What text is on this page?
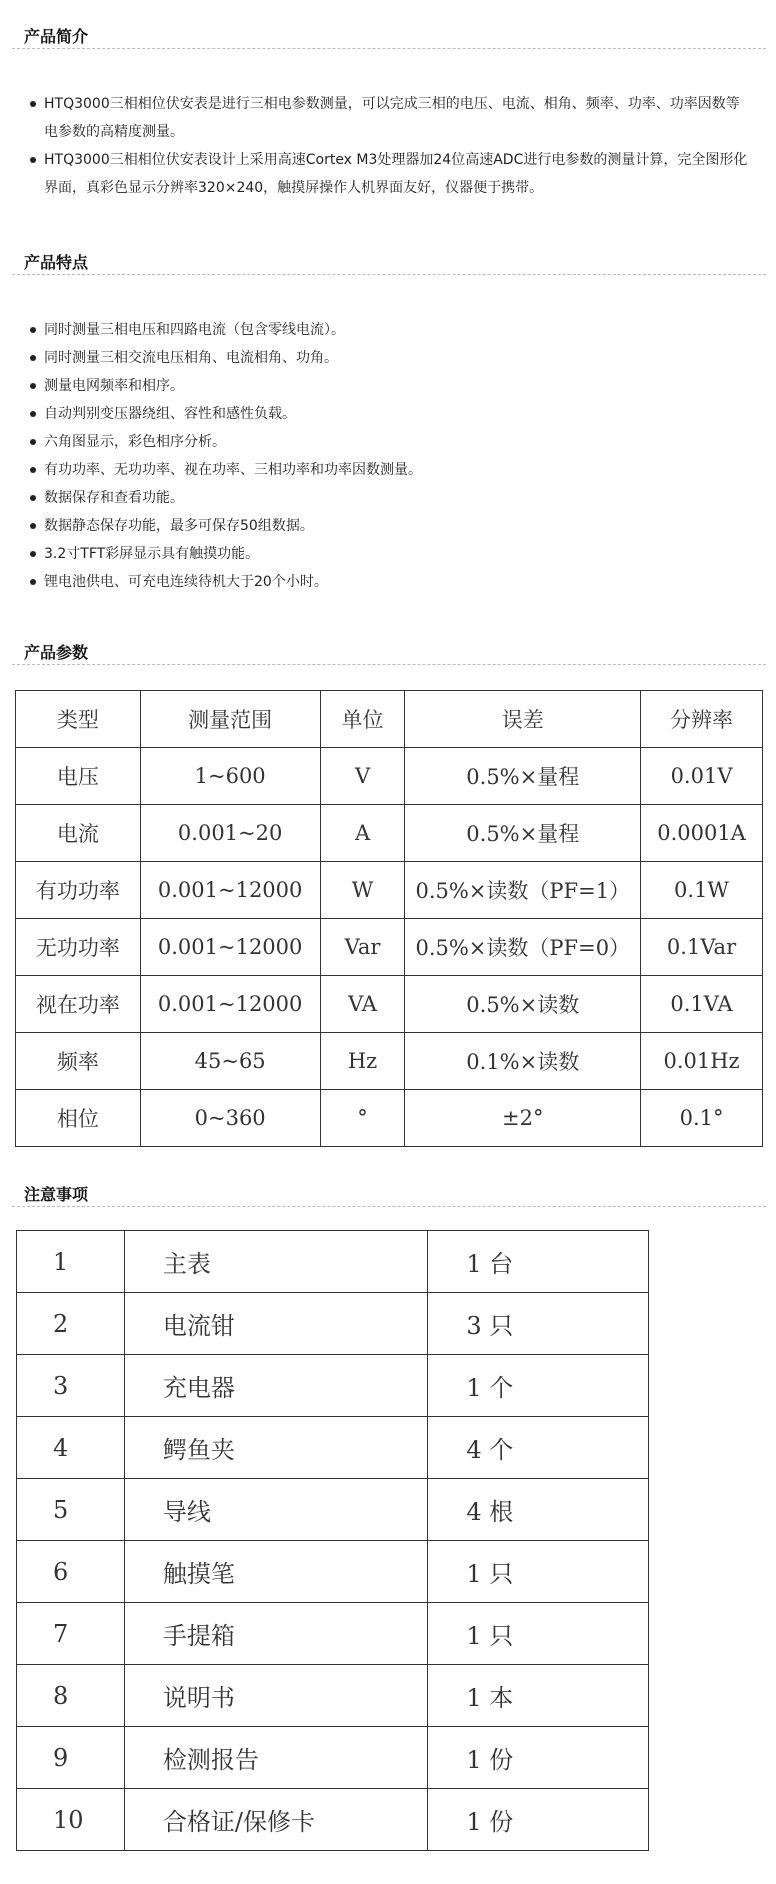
产品简介
HTQ3000三相相位伏安表是进行三相电参数测量，可以完成三相的电压、电流、相角、频率、功率、功率因数等电参数的高精度测量。
HTQ3000三相相位伏安表设计上采用高速Cortex M3处理器加24位高速ADC进行电参数的测量计算，完全图形化界面，真彩色显示分辨率320×240，触摸屏操作人机界面友好，仪器便于携带。
产品特点
同时测量三相电压和四路电流（包含零线电流）。
同时测量三相交流电压相角、电流相角、功角。
测量电网频率和相序。
自动判别变压器绕组、容性和感性负载。
六角图显示，彩色相序分析。
有功功率、无功功率、视在功率、三相功率和功率因数测量。
数据保存和查看功能。
数据静态保存功能，最多可保存50组数据。
3.2寸TFT彩屏显示具有触摸功能。
锂电池供电、可充电连续待机大于20个小时。
产品参数
类型	测量范围	单位	误差	分辨率
电压	1~600	V	0.5%×量程	0.01V
电流	0.001~20	A	0.5%×量程	0.0001A
有功功率	0.001~12000	W	0.5%×读数（PF=1）	0.1W
无功功率	0.001~12000	Var	0.5%×读数（PF=0）	0.1Var
视在功率	0.001~12000	VA	0.5%×读数	0.1VA
频率	45~65	Hz	0.1%×读数	0.01Hz
相位	0~360	°	±2°	0.1°
注意事项
1	主表	1 台
2	电流钳	3 只
3	充电器	1 个
4	鳄鱼夹	4 个
5	导线	4 根
6	触摸笔	1 只
7	手提箱	1 只
8	说明书	1 本
9	检测报告	1 份
10	合格证/保修卡	1 份
